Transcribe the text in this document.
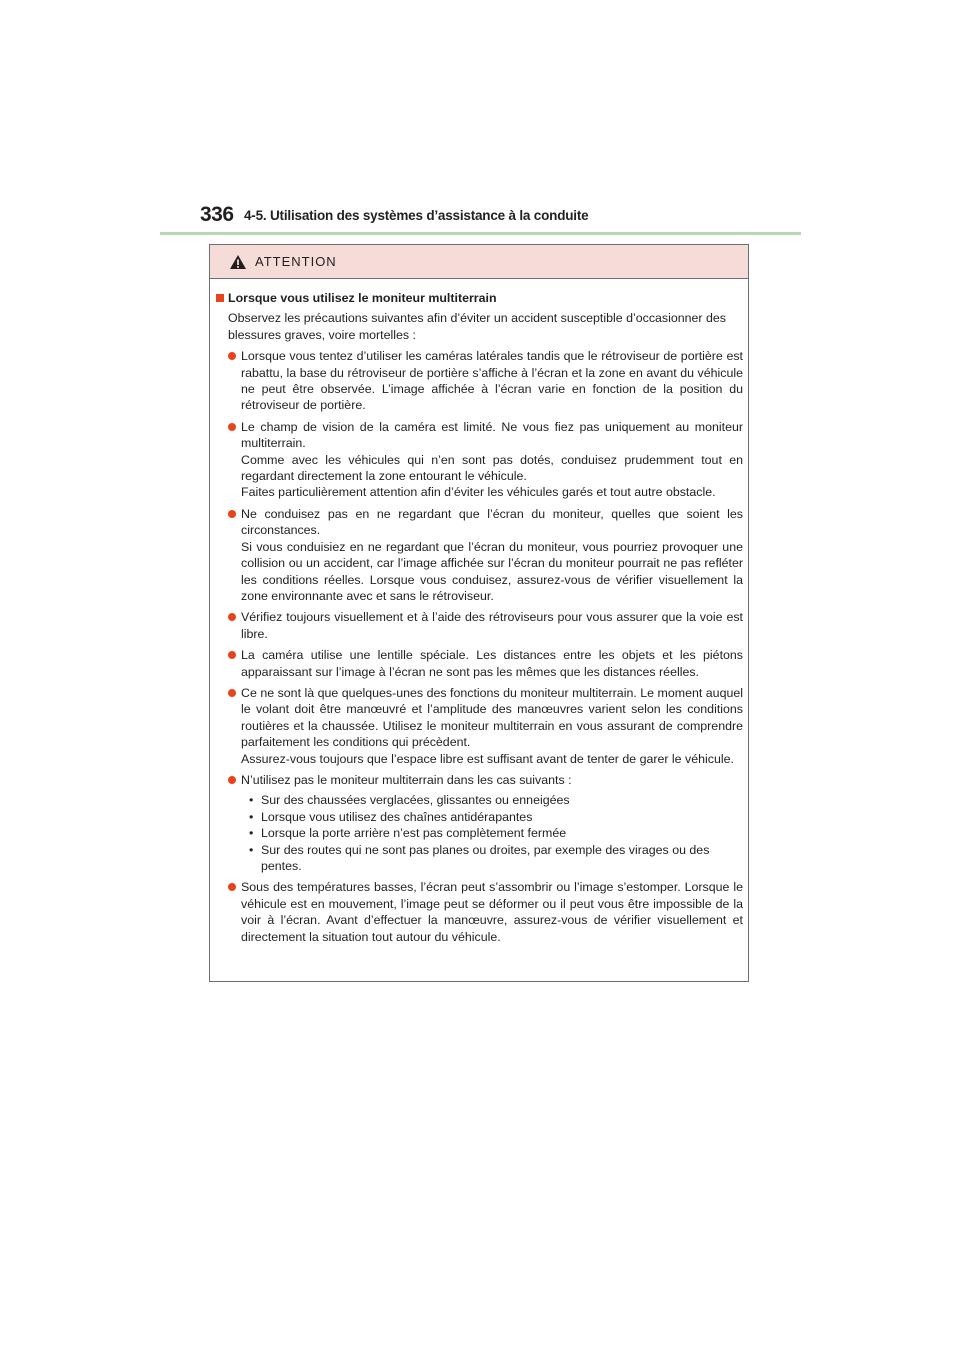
336 4-5. Utilisation des systèmes d’assistance à la conduite
ATTENTION
Lorsque vous utilisez le moniteur multiterrain
Observez les précautions suivantes afin d’éviter un accident susceptible d’occasionner des blessures graves, voire mortelles :
Lorsque vous tentez d’utiliser les caméras latérales tandis que le rétroviseur de portière est rabattu, la base du rétroviseur de portière s’affiche à l’écran et la zone en avant du véhicule ne peut être observée. L’image affichée à l’écran varie en fonction de la position du rétroviseur de portière.
Le champ de vision de la caméra est limité. Ne vous fiez pas uniquement au moniteur multiterrain.
Comme avec les véhicules qui n’en sont pas dotés, conduisez prudemment tout en regardant directement la zone entourant le véhicule.
Faites particulièrement attention afin d’éviter les véhicules garés et tout autre obstacle.
Ne conduisez pas en ne regardant que l’écran du moniteur, quelles que soient les circonstances.
Si vous conduisiez en ne regardant que l’écran du moniteur, vous pourriez provoquer une collision ou un accident, car l’image affichée sur l’écran du moniteur pourrait ne pas refléter les conditions réelles. Lorsque vous conduisez, assurez-vous de vérifier visuellement la zone environnante avec et sans le rétroviseur.
Vérifiez toujours visuellement et à l’aide des rétroviseurs pour vous assurer que la voie est libre.
La caméra utilise une lentille spéciale. Les distances entre les objets et les piétons apparaissant sur l’image à l’écran ne sont pas les mêmes que les distances réelles.
Ce ne sont là que quelques-unes des fonctions du moniteur multiterrain. Le moment auquel le volant doit être manœuvré et l’amplitude des manœuvres varient selon les conditions routières et la chaussée. Utilisez le moniteur multiterrain en vous assurant de comprendre parfaitement les conditions qui précèdent.
Assurez-vous toujours que l’espace libre est suffisant avant de tenter de garer le véhicule.
N’utilisez pas le moniteur multiterrain dans les cas suivants :
• Sur des chaussées verglacées, glissantes ou enneigées
• Lorsque vous utilisez des chaînes antidérapantes
• Lorsque la porte arrière n’est pas complètement fermée
• Sur des routes qui ne sont pas planes ou droites, par exemple des virages ou des pentes.
Sous des températures basses, l’écran peut s’assombrir ou l’image s’estomper. Lorsque le véhicule est en mouvement, l’image peut se déformer ou il peut vous être impossible de la voir à l’écran. Avant d’effectuer la manœuvre, assurez-vous de vérifier visuellement et directement la situation tout autour du véhicule.
